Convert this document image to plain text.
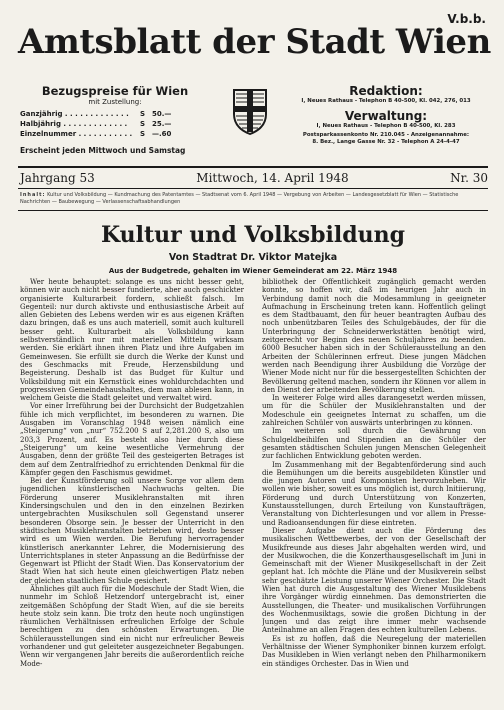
V.b.b.
Amtsblatt der Stadt Wien
Bezugspreise für Wien
mit Zustellung:
Ganzjährig . . . . . . . . . . . . .	S 50.—
Halbjährig . . . . . . . . . . . . .	S 25.—
Einzelnummer . . . . . . . . . . .	S —.60
Erscheint jeden Mittwoch und Samstag
Redaktion:
I, Neues Rathaus - Telephon B 40-500, Kl. 042, 276, 013
Verwaltung:
I, Neues Rathaus - Telephon B 40-500, Kl. 283
Postsparkassenkonto Nr. 210.045 - Anzeigenannahme:
8. Bez., Lange Gasse Nr. 32 - Telephon A 24-4-47
Jahrgang 53	Mittwoch, 14. April 1948	Nr. 30
Inhalt: Kultur und Volksbildung — Kundmachung des Patentamtes — Stadtsenat vom 6. April 1948 — Vergebung von Arbeiten — Landesgesetzblatt für Wien — Statistische Nachrichten — Baubewegung — Verlassenschaftsabhandlungen
Kultur und Volksbildung
Von Stadtrat Dr. Viktor Matejka
Aus der Budgetrede, gehalten im Wiener Gemeinderat am 22. März 1948

Wer heute behauptet: solange es uns nicht besser geht, können wir auch nicht besser fundierte, aber auch geschickter organisierte Kulturarbeit fordern, schließt falsch. Im Gegenteil: nur durch aktivste und enthusiastische Arbeit auf allen Gebieten des Lebens werden wir es aus eigenen Kräften dazu bringen, daß es uns auch materiell, somit auch kulturell besser geht. Kulturarbeit als Volksbildung kann selbstverständlich nur mit materiellen Mitteln wirksam werden. Sie erklärt ihnen ihren Platz und ihre Aufgaben im Gemeinwesen. Sie erfüllt sie durch die Werke der Kunst und des Geschmacks mit Freude, Herzensbildung und Begeisterung. Deshalb ist das Budget für Kultur und Volksbildung mit ein Kernstück eines wohldurchdachten und progressiven Gemeindehaushaltes, dem man ablesen kann, in welchem Geiste die Stadt geleitet und verwaltet wird.

Vor einer Irreführung bei der Durchsicht der Budgetzahlen fühle ich mich verpflichtet, im besonderen zu warnen. Die Ausgaben im Voranschlag 1948 weisen nämlich eine „Steigerung“ von „nur“ 752.200 S auf 2,281.200 S, also um 203,3 Prozent, auf. Es besteht also hier durch diese „Steigerung“ um keine wesentliche Vermehrung der Ausgaben, denn der größte Teil des gesteigerten Betrages ist dem auf dem Zentralfriedhof zu errichtenden Denkmal für die Kämpfer gegen den Faschismus gewidmet.

Bei der Kunstförderung soll unsere Sorge vor allem dem jugendlichen künstlerischen Nachwuchs gelten. Die Förderung unserer Musiklehranstalten mit ihren Kindersingschulen und den in den einzelnen Bezirken untergebrachten Musikschulen soll Gegenstand unserer besonderen Obsorge sein. Je besser der Unterricht in den städtischen Musiklehranstalten betrieben wird, desto besser wird es um Wien werden. Die Berufung hervorragender künstlerisch anerkannter Lehrer, die Modernisierung des Unterrichtsplanes in steter Anpassung an die Bedürfnisse der Gegenwart ist Pflicht der Stadt Wien. Das Konservatorium der Stadt Wien hat sich heute einen gleichwertigen Platz neben der gleichen staatlichen Schule gesichert.

Ähnliches gilt auch für die Modeschule der Stadt Wien, die nunmehr im Schloß Hetzendorf untergebracht ist, einer zeitgemäßen Schöpfung der Stadt Wien, auf die sie bereits heute stolz sein kann. Die trotz den heute noch ungünstigen räumlichen Verhältnissen erfreulichen Erfolge der Schule berechtigen zu den schönsten Erwartungen. Die Schülerausstellungen sind ein nicht nur erfreulicher Beweis vorhandener und gut geleiteter ausgezeichneter Begabungen. Wenn wir vergangenen Jahr bereits die außerordentlich reiche Mode-

bibliothek der Öffentlichkeit zugänglich gemacht werden konnte, so hoffen wir, daß im heurigen Jahr auch in Verbindung damit noch die Modesammlung in geeigneter Aufmachung in Erscheinung treten kann. Hoffentlich gelingt es dem Stadtbauamt, den für heuer beantragten Aufbau des noch unbenützbaren Teiles des Schulgebäudes, der für die Unterbringung der Schneiderwerkstätten benötigt wird, zeitgerecht vor Beginn des neuen Schuljahres zu beenden. 6000 Besucher haben sich in der Schülerausstellung an den Arbeiten der Schülerinnen erfreut. Diese jungen Mädchen werden nach Beendigung ihrer Ausbildung die Vorzüge der Wiener Mode nicht nur für die bessergestellten Schichten der Bevölkerung geltend machen, sondern ihr Können vor allem in den Dienst der arbeitenden Bevölkerung stellen.

In weiterer Folge wird alles darangesetzt werden müssen, um für die Schüler der Musiklehranstalten und der Modeschule ein geeignetes Internat zu schaffen, um die zahlreichen Schüler von auswärts unterbringen zu können.

Im weiteren soll durch die Gewährung von Schulgeldbeihilfen und Stipendien an die Schüler der gesamten städtischen Schulen jungen Menschen Gelegenheit zur fachlichen Entwicklung geboten werden.

Im Zusammenhang mit der Begabtenförderung sind auch die Bemühungen um die bereits ausgebildeten Künstler und die jungen Autoren und Komponisten hervorzuheben. Wir wollen wie bisher, soweit es uns möglich ist, durch Initiierung, Förderung und durch Unterstützung von Konzerten, Kunstausstellungen, durch Erteilung von Kunstaufträgen, Veranstaltung von Dichterlesungen und vor allem in Presse- und Radioansendungen für diese eintreten.

Dieser Aufgabe dient auch die Förderung des musikalischen Wettbewerbes, der von der Gesellschaft der Musikfreunde aus dieses Jahr abgehalten werden wird, und der Musikwochen, die die Konzerthausgesellschaft im Juni in Gemeinschaft mit der Wiener Musikgesellschaft in der Zeit geplant hat. Ich möchte die Pläne und der Musikverein selbst sehr geschätzte Leistung unserer Wiener Orchester. Die Stadt Wien hat durch die Ausgestaltung des Wiener Musiklebens ihre Vorgänger würdig einnehmen. Das demonstrierten die Ausstellungen, die Theater- und musikalischen Vorführungen des Wochenmusiktags, sowie die großen Dichtung in der Jungen und das zeigt ihre immer mehr wachsende Anteilnahme an allen Fragen des echten kulturellen Lebens.

Es ist zu hoffen, daß die Neuregelung der materiellen Verhältnisse der Wiener Symphoniker binnen kurzem erfolgt. Das Musikleben in Wien verlangt neben den Philharmonikern ein ständiges Orchester. Das in Wien und
